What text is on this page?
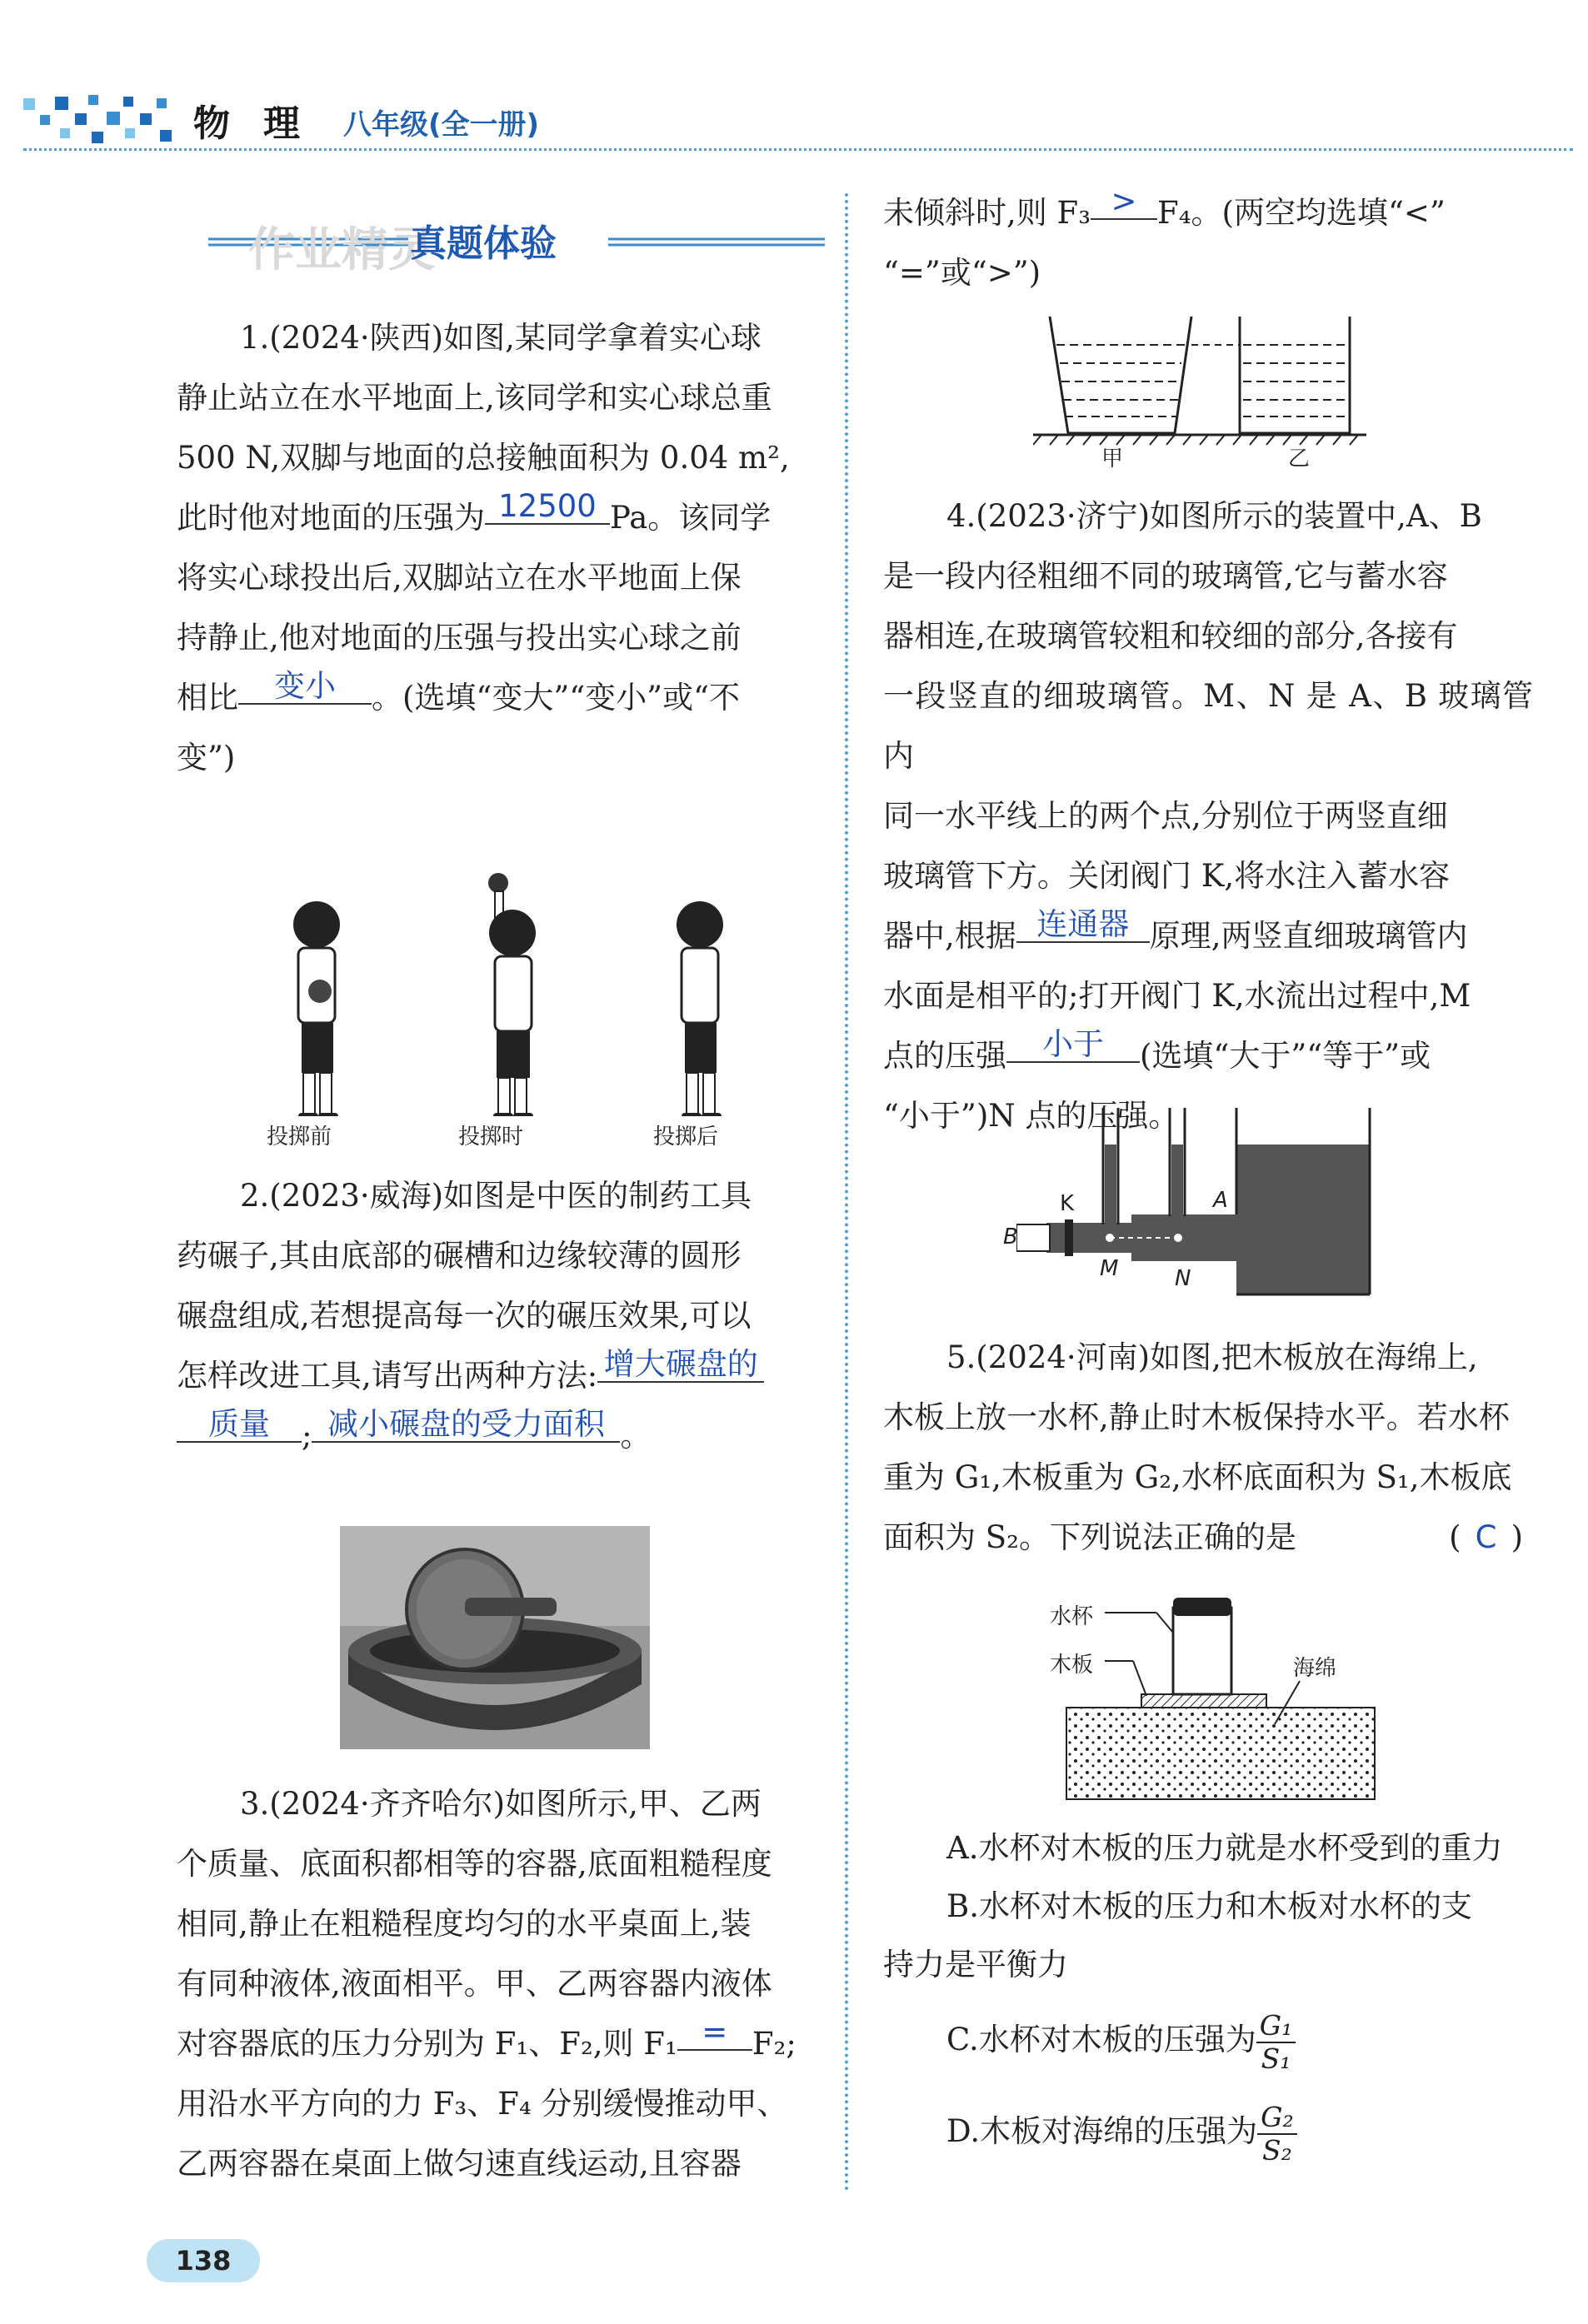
物理 八年级(全一册)
作业精灵
真题体验
1.(2024·陕西)如图,某同学拿着实心球
静止站立在水平地面上,该同学和实心球总重
500 N,双脚与地面的总接触面积为 0.04 m²,
此时他对地面的压强为 12500 Pa。该同学
将实心球投出后,双脚站立在水平地面上保
持静止,他对地面的压强与投出实心球之前
相比 变小 。(选填“变大”“变小”或“不
变”)
投掷前	投掷时	投掷后
2.(2023·威海)如图是中医的制药工具
药碾子,其由底部的碾槽和边缘较薄的圆形
碾盘组成,若想提高每一次的碾压效果,可以
怎样改进工具,请写出两种方法: 增大碾盘的
质量 ; 减小碾盘的受力面积 。
3.(2024·齐齐哈尔)如图所示,甲、乙两
个质量、底面积都相等的容器,底面粗糙程度
相同,静止在粗糙程度均匀的水平桌面上,装
有同种液体,液面相平。甲、乙两容器内液体
对容器底的压力分别为 F₁、F₂,则 F₁ = F₂;
用沿水平方向的力 F₃、F₄ 分别缓慢推动甲、
乙两容器在桌面上做匀速直线运动,且容器
138
未倾斜时,则 F₃ > F₄。(两空均选填“<”
“=”或“>”)
甲	乙
4.(2023·济宁)如图所示的装置中,A、B
是一段内径粗细不同的玻璃管,它与蓄水容
器相连,在玻璃管较粗和较细的部分,各接有
一段竖直的细玻璃管。M、N 是 A、B 玻璃管内
同一水平线上的两个点,分别位于两竖直细
玻璃管下方。关闭阀门 K,将水注入蓄水容
器中,根据 连通器 原理,两竖直细玻璃管内
水面是相平的;打开阀门 K,水流出过程中,M
点的压强 小于 (选填“大于”“等于”或
“小于”)N 点的压强。
B
K	A
M	N
5.(2024·河南)如图,把木板放在海绵上,
木板上放一水杯,静止时木板保持水平。若水杯
重为 G₁,木板重为 G₂,水杯底面积为 S₁,木板底
面积为 S₂。下列说法正确的是	( C )
水杯
木板	海绵
A.水杯对木板的压力就是水杯受到的重力
B.水杯对木板的压力和木板对水杯的支
持力是平衡力
C.水杯对木板的压强为 $\frac{\text{G₁}}{\text{S₁}}$
D.木板对海绵的压强为 $\frac{\text{G₂}}{\text{S₂}}$
